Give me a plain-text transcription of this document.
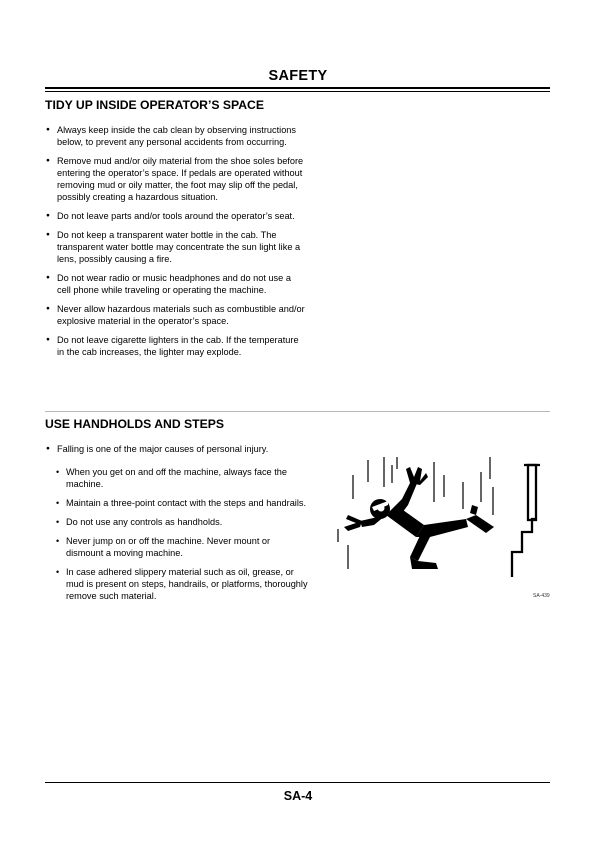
SAFETY
TIDY UP INSIDE OPERATOR’S SPACE
● Always keep inside the cab clean by observing instructions below, to prevent any personal accidents from occurring.
● Remove mud and/or oily material from the shoe soles before entering the operator’s space. If pedals are operated without removing mud or oily matter, the foot may slip off the pedal, possibly creating a hazardous situation.
● Do not leave parts and/or tools around the operator’s seat.
● Do not keep a transparent water bottle in the cab. The transparent water bottle may concentrate the sun light like a lens, possibly causing a fire.
● Do not wear radio or music headphones and do not use a cell phone while traveling or operating the machine.
● Never allow hazardous materials such as combustible and/or explosive material in the operator’s space.
● Do not leave cigarette lighters in the cab. If the temperature in the cab increases, the lighter may explode.
USE HANDHOLDS AND STEPS
● Falling is one of the major causes of personal injury.
• When you get on and off the machine, always face the machine.
• Maintain a three-point contact with the steps and handrails.
• Do not use any controls as handholds.
• Never jump on or off the machine. Never mount or dismount a moving machine.
• In case adhered slippery material such as oil, grease, or mud is present on steps, handrails, or platforms, thoroughly remove such material.	SA-439
SA-4
